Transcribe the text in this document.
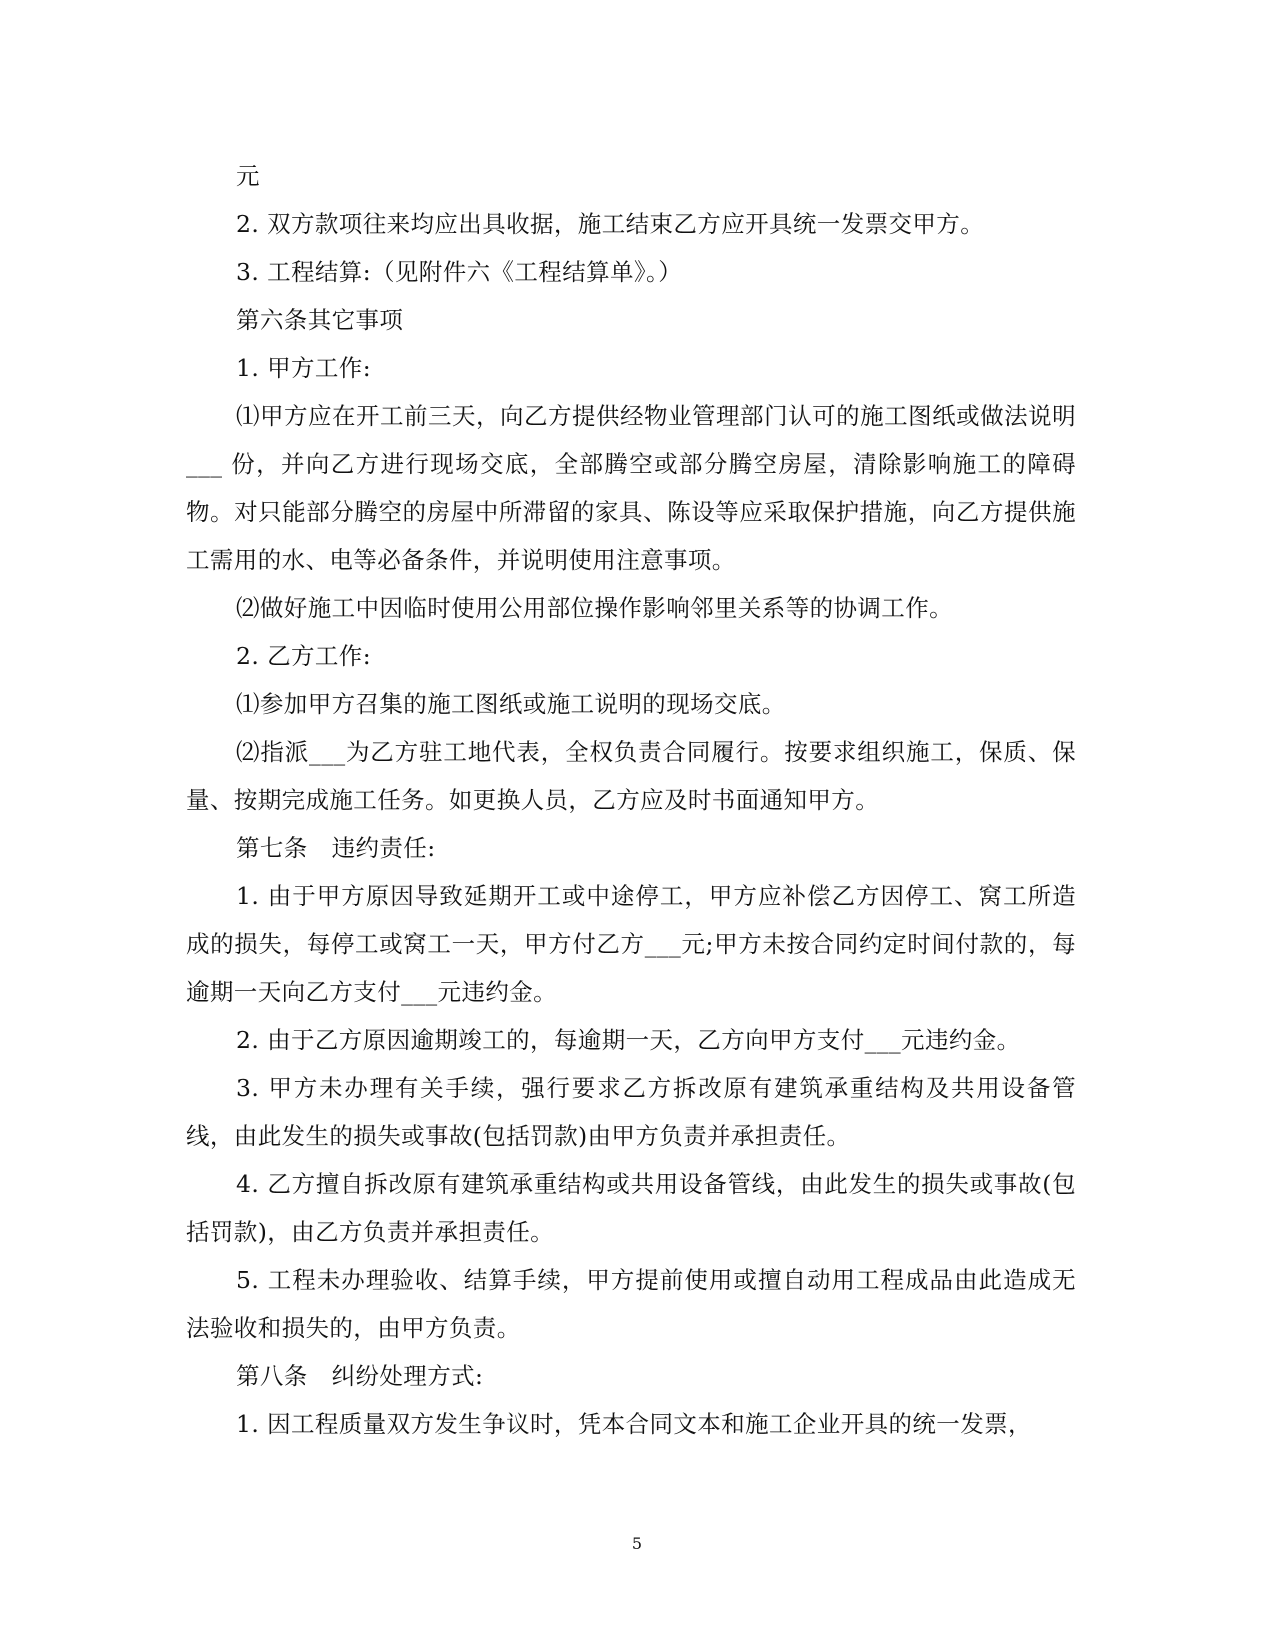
元

2. 双方款项往来均应出具收据，施工结束乙方应开具统一发票交甲方。

3. 工程结算:（见附件六《工程结算单》。）

第六条其它事项

1. 甲方工作:

⑴甲方应在开工前三天，向乙方提供经物业管理部门认可的施工图纸或做法说明___ 份，并向乙方进行现场交底，全部腾空或部分腾空房屋，清除影响施工的障碍物。对只能部分腾空的房屋中所滞留的家具、陈设等应采取保护措施，向乙方提供施工需用的水、电等必备条件，并说明使用注意事项。

⑵做好施工中因临时使用公用部位操作影响邻里关系等的协调工作。

2. 乙方工作:

⑴参加甲方召集的施工图纸或施工说明的现场交底。

⑵指派___为乙方驻工地代表，全权负责合同履行。按要求组织施工，保质、保量、按期完成施工任务。如更换人员，乙方应及时书面通知甲方。

第七条　违约责任:

1. 由于甲方原因导致延期开工或中途停工，甲方应补偿乙方因停工、窝工所造成的损失，每停工或窝工一天，甲方付乙方___元;甲方未按合同约定时间付款的，每逾期一天向乙方支付___元违约金。

2. 由于乙方原因逾期竣工的，每逾期一天，乙方向甲方支付___元违约金。

3. 甲方未办理有关手续，强行要求乙方拆改原有建筑承重结构及共用设备管线，由此发生的损失或事故(包括罚款)由甲方负责并承担责任。

4. 乙方擅自拆改原有建筑承重结构或共用设备管线，由此发生的损失或事故(包括罚款)，由乙方负责并承担责任。

5. 工程未办理验收、结算手续，甲方提前使用或擅自动用工程成品由此造成无法验收和损失的，由甲方负责。

第八条　纠纷处理方式:

1. 因工程质量双方发生争议时，凭本合同文本和施工企业开具的统一发票，

5
